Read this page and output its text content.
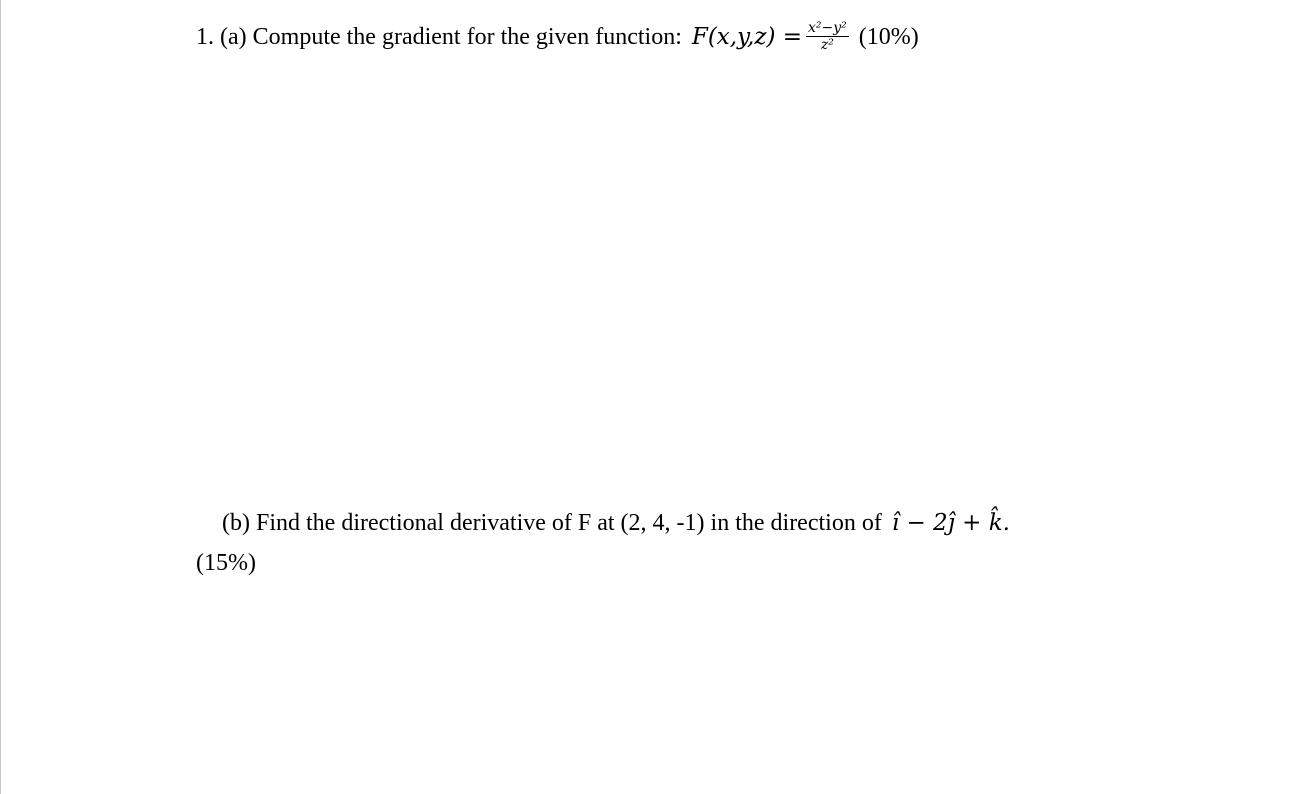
1. (a) Compute the gradient for the given function: $F(x,y,z) = \frac{\text{x²−y²}}{\text{z²}} (10\%)$
(b) Find the directional derivative of F at (2, 4, -1) in the direction of î − 2ĵ + k̂.
(15%)
